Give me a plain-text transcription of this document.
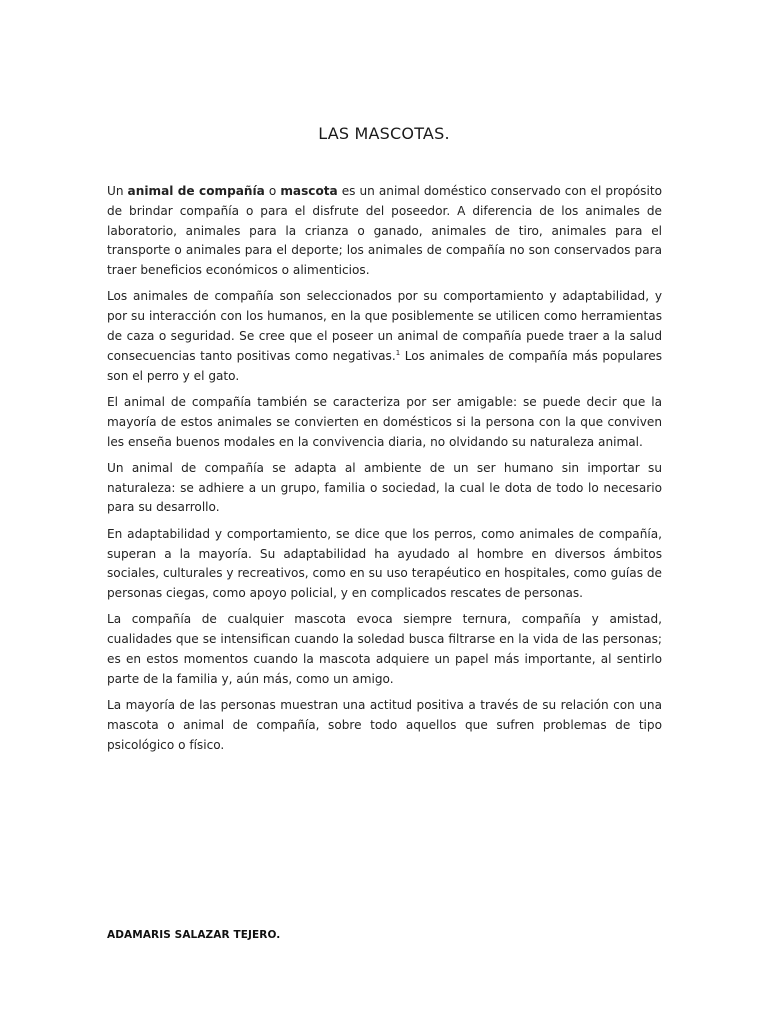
LAS MASCOTAS.

Un animal de compañía o mascota es un animal doméstico conservado con el propósito de brindar compañía o para el disfrute del poseedor. A diferencia de los animales de laboratorio, animales para la crianza o ganado, animales de tiro, animales para el transporte o animales para el deporte; los animales de compañía no son conservados para traer beneficios económicos o alimenticios.

Los animales de compañía son seleccionados por su comportamiento y adaptabilidad, y por su interacción con los humanos, en la que posiblemente se utilicen como herramientas de caza o seguridad. Se cree que el poseer un animal de compañía puede traer a la salud consecuencias tanto positivas como negativas.$^1$ Los animales de compañía más populares son el perro y el gato.

El animal de compañía también se caracteriza por ser amigable: se puede decir que la mayoría de estos animales se convierten en domésticos si la persona con la que conviven les enseña buenos modales en la convivencia diaria, no olvidando su naturaleza animal.

Un animal de compañía se adapta al ambiente de un ser humano sin importar su naturaleza: se adhiere a un grupo, familia o sociedad, la cual le dota de todo lo necesario para su desarrollo.

En adaptabilidad y comportamiento, se dice que los perros, como animales de compañía, superan a la mayoría. Su adaptabilidad ha ayudado al hombre en diversos ámbitos sociales, culturales y recreativos, como en su uso terapéutico en hospitales, como guías de personas ciegas, como apoyo policial, y en complicados rescates de personas.

La compañía de cualquier mascota evoca siempre ternura, compañía y amistad, cualidades que se intensifican cuando la soledad busca filtrarse en la vida de las personas; es en estos momentos cuando la mascota adquiere un papel más importante, al sentirlo parte de la familia y, aún más, como un amigo.

La mayoría de las personas muestran una actitud positiva a través de su relación con una mascota o animal de compañía, sobre todo aquellos que sufren problemas de tipo psicológico o físico.

ADAMARIS SALAZAR TEJERO.
